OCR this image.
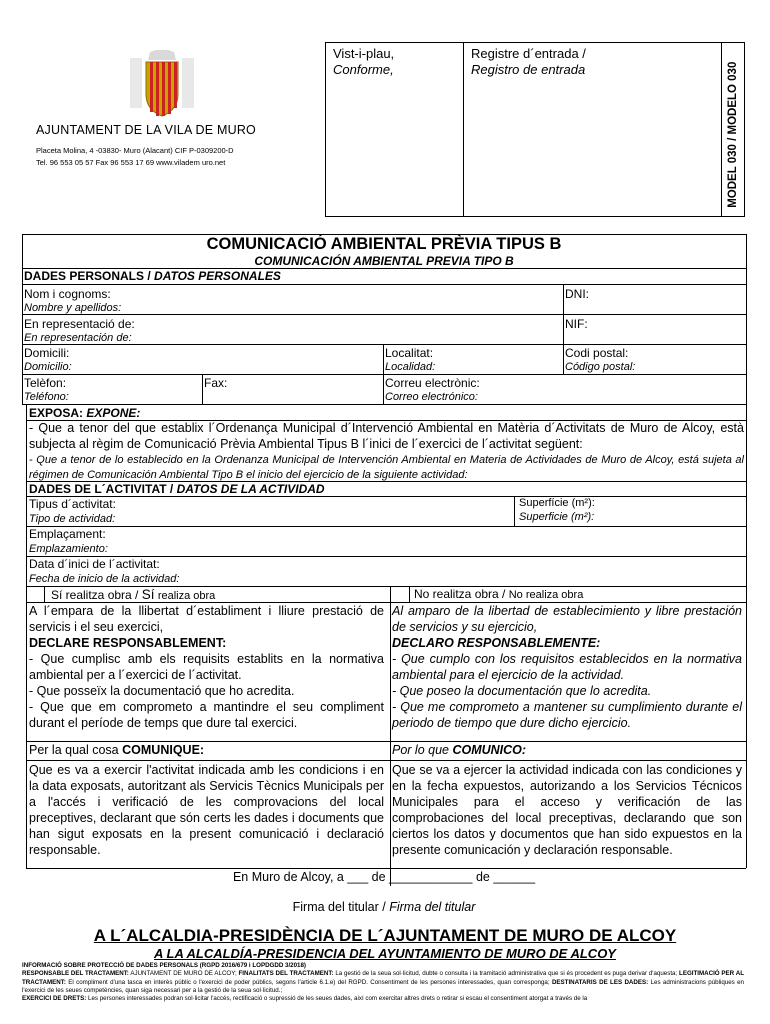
AJUNTAMENT DE LA VILA DE MURO
Placeta Molina, 4 -03830- Muro (Alacant) CIF P-0309200-D
Tel. 96 553 05 57 Fax 96 553 17 69 www.viladem uro.net
Vist-i-plau,
Conforme,
Registre d´entrada /
Registro de entrada	MODEL 030 / MODELO 030
COMUNICACIÓ AMBIENTAL PRÈVIA TIPUS B
COMUNICACIÓN AMBIENTAL PREVIA TIPO B
DADES PERSONALS / DATOS PERSONALES
Nom i cognoms:
Nombre y apellidos:
DNI:
En representació de:
En representación de:
NIF:
Domicili:
Domicilio:
Localitat:
Localidad:
Codi postal:
Código postal:
Telèfon:
Teléfono:
Fax:	Correu electrònic:
Correo electrónico:
EXPOSA: EXPONE:
- Que a tenor del que establix l´Ordenança Municipal d´Intervenció Ambiental en Matèria d´Activitats de Muro de Alcoy, està subjecta al règim de Comunicació Prèvia Ambiental Tipus B l´inici de l´exercici de l´activitat següent:
- Que a tenor de lo establecido en la Ordenanza Municipal de Intervención Ambiental en Materia de Actividades de Muro de Alcoy, está sujeta al régimen de Comunicación Ambiental Tipo B el inicio del ejercicio de la siguiente actividad:
DADES DE L´ACTIVITAT / DATOS DE LA ACTIVIDAD
Tipus d´activitat:
Tipo de actividad:
Superfície (m²):
Superficie (m²):
Emplaçament:
Emplazamiento:
Data d´inici de l´activitat:
Fecha de inicio de la actividad:
Sí realitza obra / Sí realiza obra	No realitza obra / No realiza obra
A l´empara de la llibertat d´establiment i lliure prestació de servicis i el seu exercici,
DECLARE RESPONSABLEMENT:
- Que cumplisc amb els requisits establits en la normativa ambiental per a l´exercici de l´activitat.
- Que posseïx la documentació que ho acredita.
- Que que em comprometo a mantindre el seu compliment durant el període de temps que dure tal exercici.
Al amparo de la libertad de establecimiento y libre prestación de servicios y su ejercicio,
DECLARO RESPONSABLEMENTE:
- Que cumplo con los requisitos establecidos en la normativa ambiental para el ejercicio de la actividad.
- Que poseo la documentación que lo acredita.
- Que me comprometo a mantener su cumplimiento durante el periodo de tiempo que dure dicho ejercicio.
Per la qual cosa COMUNIQUE:	Por lo que COMUNICO:
Que es va a exercir l'activitat indicada amb les condicions i en la data exposats, autoritzant als Servicis Tècnics Municipals per a l'accés i verificació de les comprovacions del local preceptives, declarant que són certs les dades i documents que han sigut exposats en la present comunicació i declaració responsable.
Que se va a ejercer la actividad indicada con las condiciones y en la fecha expuestos, autorizando a los Servicios Técnicos Municipales para el acceso y verificación de las comprobaciones del local preceptivas, declarando que son ciertos los datos y documentos que han sido expuestos en la presente comunicación y declaración responsable.
En Muro de Alcoy, a ___ de ____________ de ______
Firma del titular / Firma del titular
A L´ALCALDIA-PRESIDÈNCIA DE L´AJUNTAMENT DE MURO DE ALCOY
A LA ALCALDÍA-PRESIDENCIA DEL AYUNTAMIENTO DE MURO DE ALCOY
INFORMACIÓ SOBRE PROTECCIÓ DE DADES PERSONALS (RGPD 2016/679 i LOPDGDD 3/2018)
RESPONSABLE DEL TRACTAMENT: AJUNTAMENT DE MURO DE ALCOY; FINALITATS DEL TRACTAMENT: La gestió de la seua sol·licitud, dubte o consulta i la tramitació administrativa que si és procedent es puga derivar d'aquesta; LEGITIMACIÓ PER AL TRACTAMENT: El compliment d'una tasca en interès públic o l'exercici de poder públics, segons l'article 6.1.e) del RGPD. Consentiment de les persones interessades, quan corresponga; DESTINATARIS DE LES DADES: Les administracions públiques en l'exercici de les seues competències, quan siga necessari per a la gestió de la seua sol·licitud.;
EXERCICI DE DRETS: Les persones interessades podran sol·licitar l'accés, rectificació o supressió de les seues dades, així com exercitar altres drets o retirar si escau el consentiment atorgat a través de la
